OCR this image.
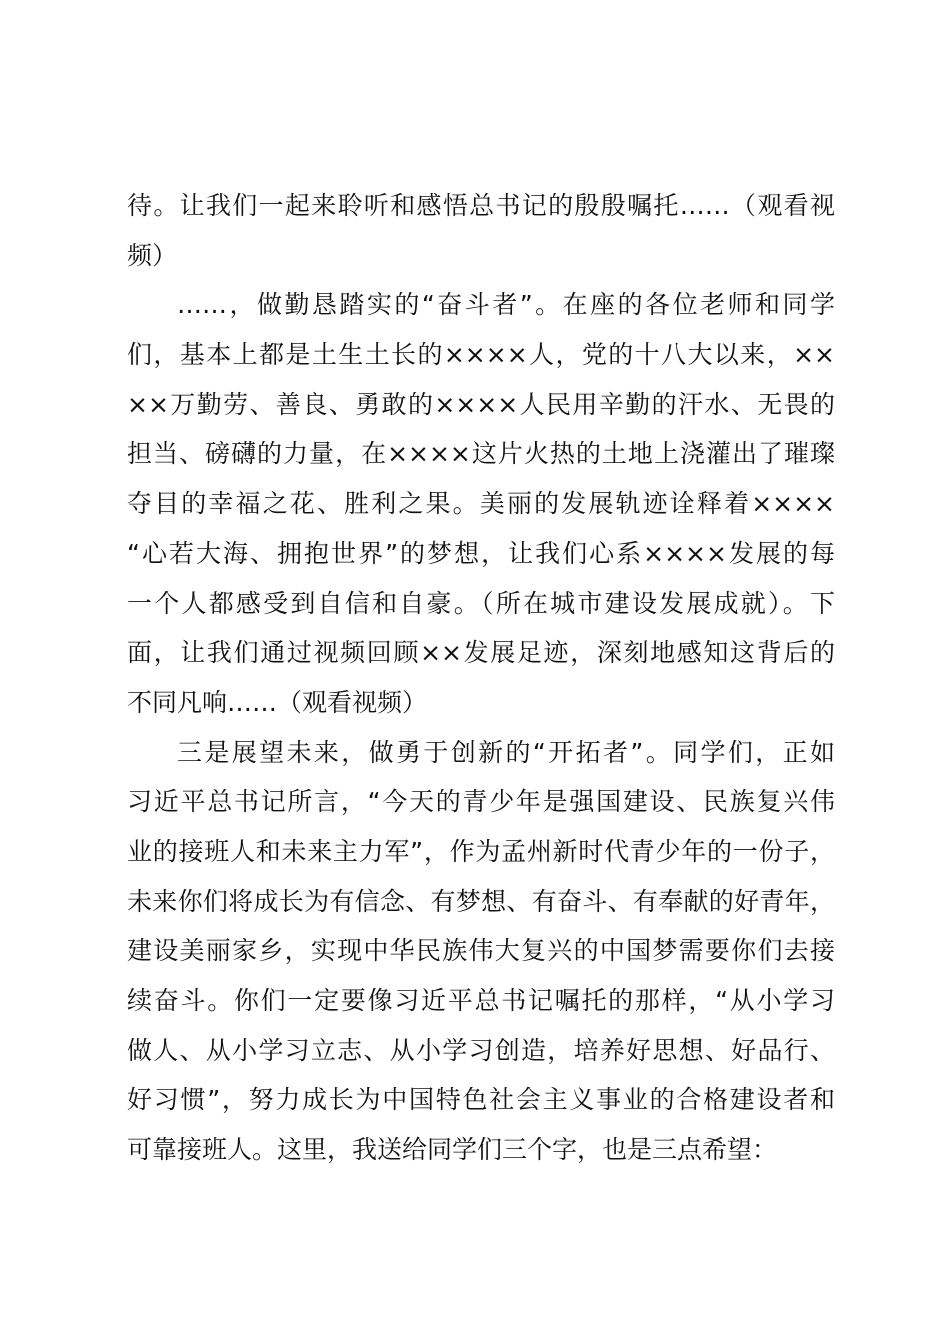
待。让我们一起来聆听和感悟总书记的殷殷嘱托……（观看视
频）
……，做勤恳踏实的“奋斗者”。在座的各位老师和同学
们，基本上都是土生土长的××××人，党的十八大以来，××
××万勤劳、善良、勇敢的××××人民用辛勤的汗水、无畏的
担当、磅礴的力量，在××××这片火热的土地上浇灌出了璀璨
夺目的幸福之花、胜利之果。美丽的发展轨迹诠释着××××
“心若大海、拥抱世界”的梦想，让我们心系××××发展的每
一个人都感受到自信和自豪。（所在城市建设发展成就）。下
面，让我们通过视频回顾××发展足迹，深刻地感知这背后的
不同凡响……（观看视频）
三是展望未来，做勇于创新的“开拓者”。同学们，正如
习近平总书记所言，“今天的青少年是强国建设、民族复兴伟
业的接班人和未来主力军”，作为孟州新时代青少年的一份子，
未来你们将成长为有信念、有梦想、有奋斗、有奉献的好青年，
建设美丽家乡，实现中华民族伟大复兴的中国梦需要你们去接
续奋斗。你们一定要像习近平总书记嘱托的那样，“从小学习
做人、从小学习立志、从小学习创造，培养好思想、好品行、
好习惯”，努力成长为中国特色社会主义事业的合格建设者和
可靠接班人。这里，我送给同学们三个字，也是三点希望：
